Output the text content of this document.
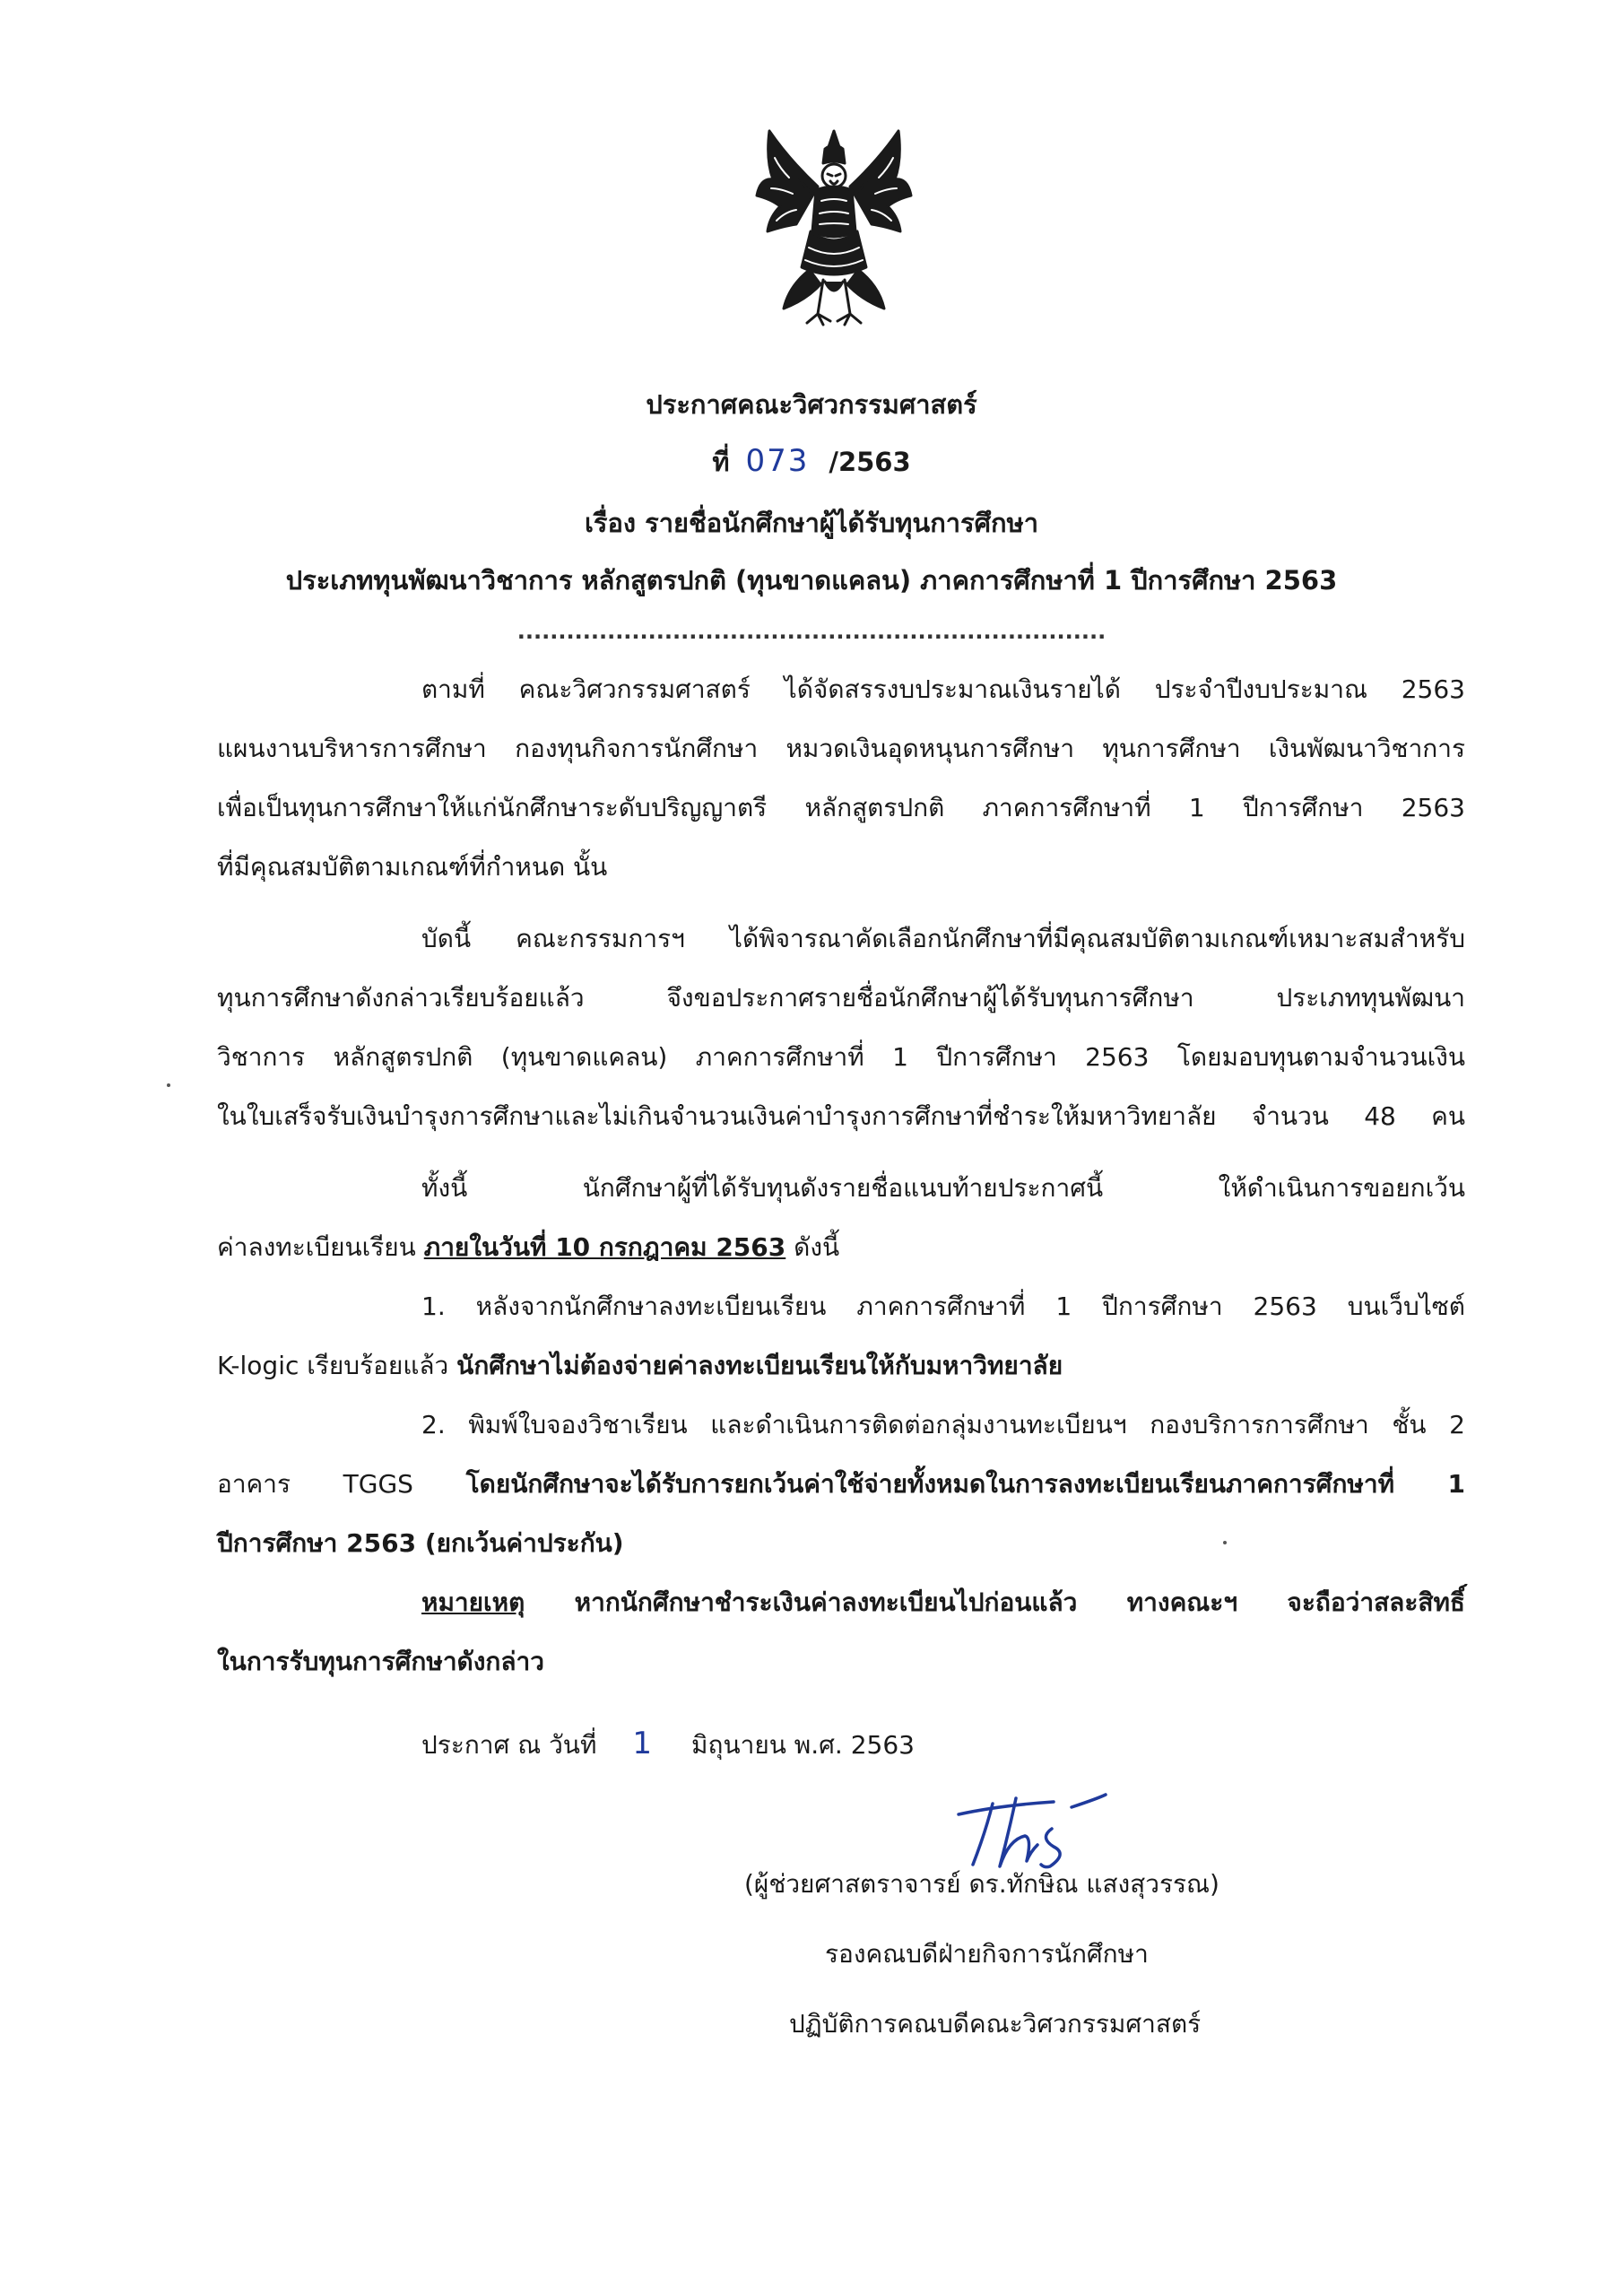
ประกาศคณะวิศวกรรมศาสตร์
ที่ 073 /2563
เรื่อง รายชื่อนักศึกษาผู้ได้รับทุนการศึกษา
ประเภททุนพัฒนาวิชาการ หลักสูตรปกติ (ทุนขาดแคลน) ภาคการศึกษาที่ 1 ปีการศึกษา 2563
........................................................................
ตามที่ คณะวิศวกรรมศาสตร์ ได้จัดสรรงบประมาณเงินรายได้ ประจำปีงบประมาณ 2563
แผนงานบริหารการศึกษา กองทุนกิจการนักศึกษา หมวดเงินอุดหนุนการศึกษา ทุนการศึกษา เงินพัฒนาวิชาการ
เพื่อเป็นทุนการศึกษาให้แก่นักศึกษาระดับปริญญาตรี หลักสูตรปกติ ภาคการศึกษาที่ 1 ปีการศึกษา 2563
ที่มีคุณสมบัติตามเกณฑ์ที่กำหนด นั้น
บัดนี้ คณะกรรมการฯ ได้พิจารณาคัดเลือกนักศึกษาที่มีคุณสมบัติตามเกณฑ์เหมาะสมสำหรับ
ทุนการศึกษาดังกล่าวเรียบร้อยแล้ว จึงขอประกาศรายชื่อนักศึกษาผู้ได้รับทุนการศึกษา ประเภททุนพัฒนา
วิชาการ หลักสูตรปกติ (ทุนขาดแคลน) ภาคการศึกษาที่ 1 ปีการศึกษา 2563 โดยมอบทุนตามจำนวนเงิน
ในใบเสร็จรับเงินบำรุงการศึกษาและไม่เกินจำนวนเงินค่าบำรุงการศึกษาที่ชำระให้มหาวิทยาลัย จำนวน 48 คน
ทั้งนี้ นักศึกษาผู้ที่ได้รับทุนดังรายชื่อแนบท้ายประกาศนี้ ให้ดำเนินการขอยกเว้น
ค่าลงทะเบียนเรียน ภายในวันที่ 10 กรกฎาคม 2563 ดังนี้
1. หลังจากนักศึกษาลงทะเบียนเรียน ภาคการศึกษาที่ 1 ปีการศึกษา 2563 บนเว็บไซต์
K-logic เรียบร้อยแล้ว นักศึกษาไม่ต้องจ่ายค่าลงทะเบียนเรียนให้กับมหาวิทยาลัย
2. พิมพ์ใบจองวิชาเรียน และดำเนินการติดต่อกลุ่มงานทะเบียนฯ กองบริการการศึกษา ชั้น 2
อาคาร TGGS โดยนักศึกษาจะได้รับการยกเว้นค่าใช้จ่ายทั้งหมดในการลงทะเบียนเรียนภาคการศึกษาที่ 1
ปีการศึกษา 2563 (ยกเว้นค่าประกัน)
หมายเหตุ หากนักศึกษาชำระเงินค่าลงทะเบียนไปก่อนแล้ว ทางคณะฯ จะถือว่าสละสิทธิ์
ในการรับทุนการศึกษาดังกล่าว
ประกาศ ณ วันที่ 1 มิถุนายน พ.ศ. 2563
(ผู้ช่วยศาสตราจารย์ ดร.ทักษิณ แสงสุวรรณ)
รองคณบดีฝ่ายกิจการนักศึกษา
ปฏิบัติการคณบดีคณะวิศวกรรมศาสตร์
